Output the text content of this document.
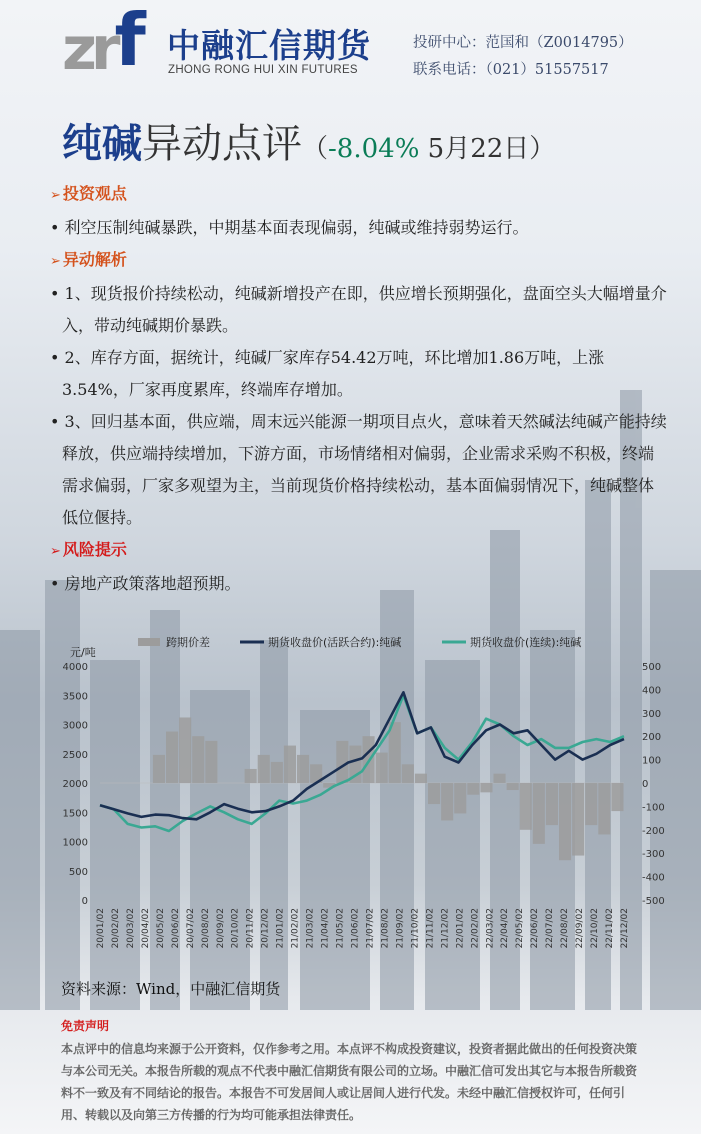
zrf 中融汇信期货
ZHONG RONG HUI XIN FUTURES
投研中心：范国和（Z0014795）
联系电话：（021）51557517
纯碱异动点评（-8.04% 5月22日）

➢ 投资观点

• 利空压制纯碱暴跌，中期基本面表现偏弱，纯碱或维持弱势运行。

➢ 异动解析

• 1、现货报价持续松动，纯碱新增投产在即，供应增长预期强化，盘面空头大幅增量介入，带动纯碱期价暴跌。

• 2、库存方面，据统计，纯碱厂家库存54.42万吨，环比增加1.86万吨，上涨3.54%，厂家再度累库，终端库存增加。

• 3、回归基本面，供应端，周末远兴能源一期项目点火，意味着天然碱法纯碱产能持续释放，供应端持续增加，下游方面，市场情绪相对偏弱，企业需求采购不积极，终端需求偏弱，厂家多观望为主，当前现货价格持续松动，基本面偏弱情况下，纯碱整体低位偃持。

➢ 风险提示

• 房地产政策落地超预期。

跨期价差	期货收盘价(活跃合约):纯碱	期货收盘价(连续):纯碱
元/吨
4000
3500
3000
2500
2000
1500
1000
500
0
500
400
300
200
100
0
-100
-200
-300
-400
-500
20/01/02 20/02/02 20/03/02 20/04/02 20/05/02 20/06/02 20/07/02 20/08/02 20/09/02 20/10/02 20/11/02 20/12/02 21/01/02 21/02/02 21/03/02 21/04/02 21/05/02 21/06/02 21/07/02 21/08/02 21/09/02 21/10/02 21/11/02 21/12/02 22/01/02 22/02/02 22/03/02 22/04/02 22/05/02 22/06/02 22/07/02 22/08/02 22/09/02 22/10/02 22/11/02 22/12/02
资料来源：Wind，中融汇信期货
免责声明
本点评中的信息均来源于公开资料，仅作参考之用。本点评不构成投资建议，投资者据此做出的任何投资决策与本公司无关。本报告所载的观点不代表中融汇信期货有限公司的立场。中融汇信可发出其它与本报告所载资料不一致及有不同结论的报告。本报告不可发居间人或让居间人进行代发。未经中融汇信授权许可，任何引用、转载以及向第三方传播的行为均可能承担法律责任。
